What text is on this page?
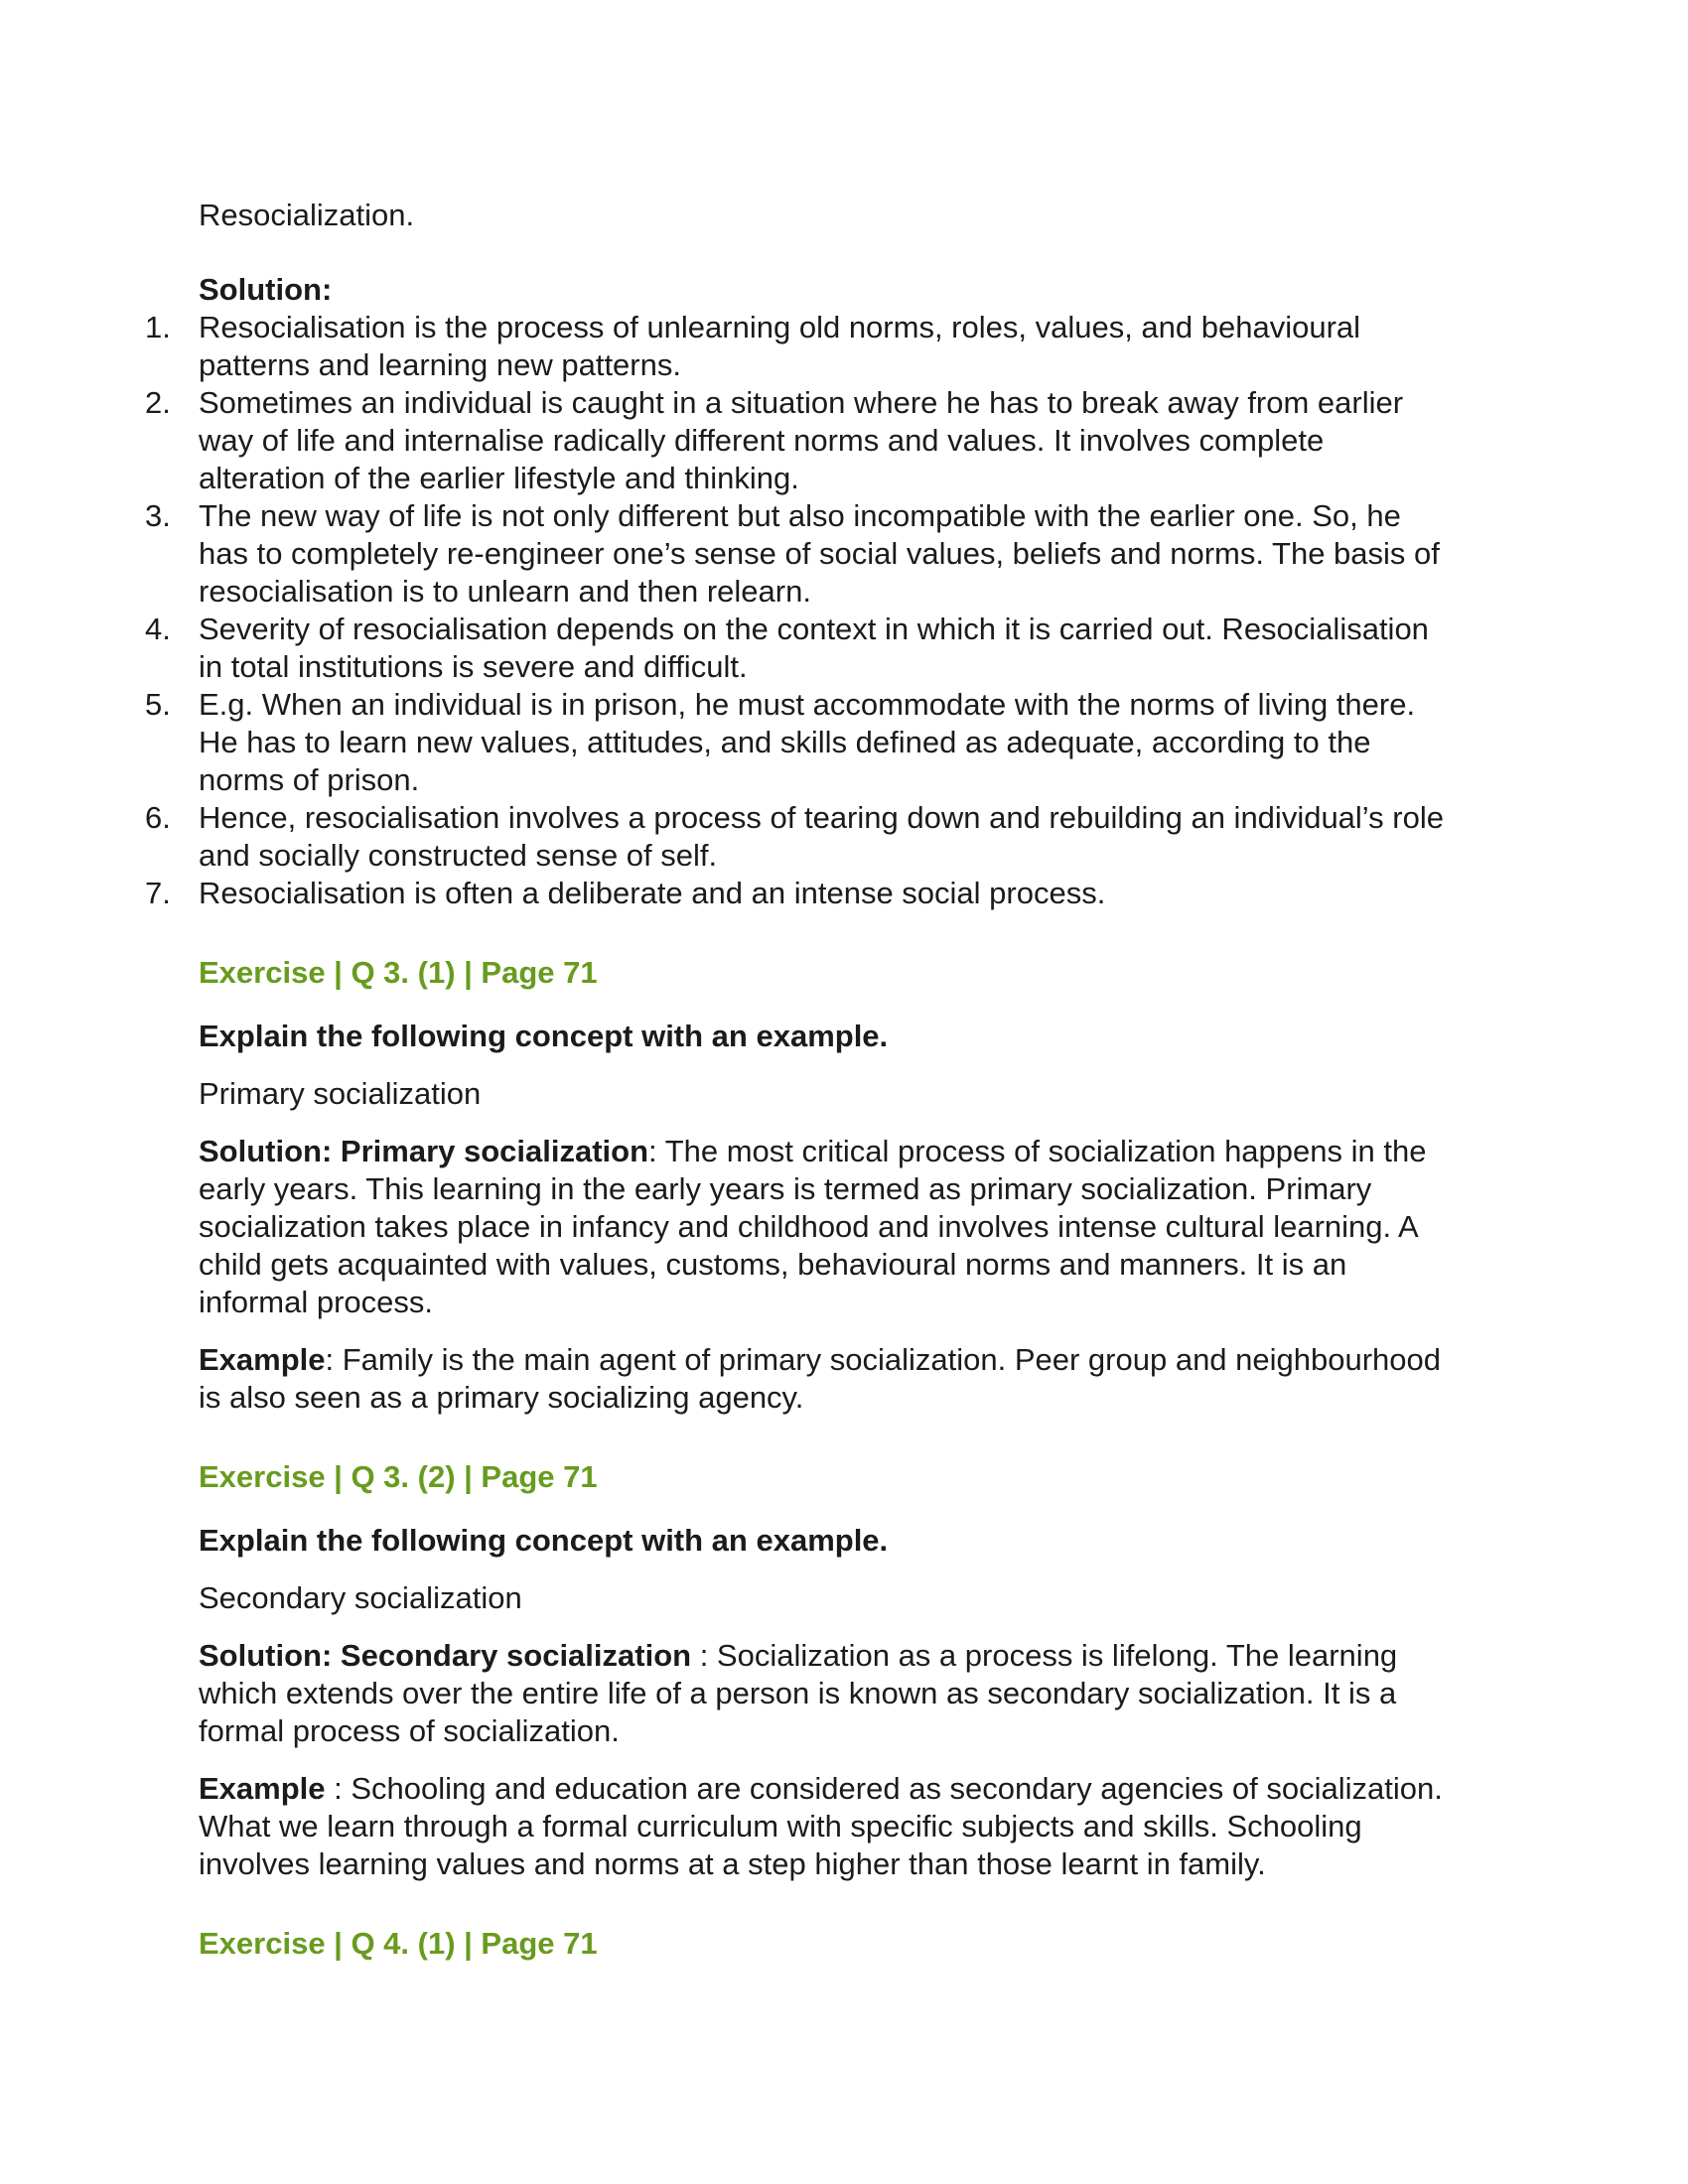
Resocialization.

Solution:

1. Resocialisation is the process of unlearning old norms, roles, values, and behavioural patterns and learning new patterns.
2. Sometimes an individual is caught in a situation where he has to break away from earlier way of life and internalise radically different norms and values. It involves complete alteration of the earlier lifestyle and thinking.
3. The new way of life is not only different but also incompatible with the earlier one. So, he has to completely re-engineer one’s sense of social values, beliefs and norms. The basis of resocialisation is to unlearn and then relearn.
4. Severity of resocialisation depends on the context in which it is carried out. Resocialisation in total institutions is severe and difficult.
5. E.g. When an individual is in prison, he must accommodate with the norms of living there. He has to learn new values, attitudes, and skills defined as adequate, according to the norms of prison.
6. Hence, resocialisation involves a process of tearing down and rebuilding an individual’s role and socially constructed sense of self.
7. Resocialisation is often a deliberate and an intense social process.
Exercise | Q 3. (1) | Page 71

Explain the following concept with an example.

Primary socialization

Solution: Primary socialization: The most critical process of socialization happens in the early years. This learning in the early years is termed as primary socialization. Primary socialization takes place in infancy and childhood and involves intense cultural learning. A child gets acquainted with values, customs, behavioural norms and manners. It is an informal process.

Example: Family is the main agent of primary socialization. Peer group and neighbourhood is also seen as a primary socializing agency.

Exercise | Q 3. (2) | Page 71

Explain the following concept with an example.

Secondary socialization

Solution: Secondary socialization : Socialization as a process is lifelong. The learning which extends over the entire life of a person is known as secondary socialization. It is a formal process of socialization.

Example : Schooling and education are considered as secondary agencies of socialization. What we learn through a formal curriculum with specific subjects and skills. Schooling involves learning values and norms at a step higher than those learnt in family.

Exercise | Q 4. (1) | Page 71
